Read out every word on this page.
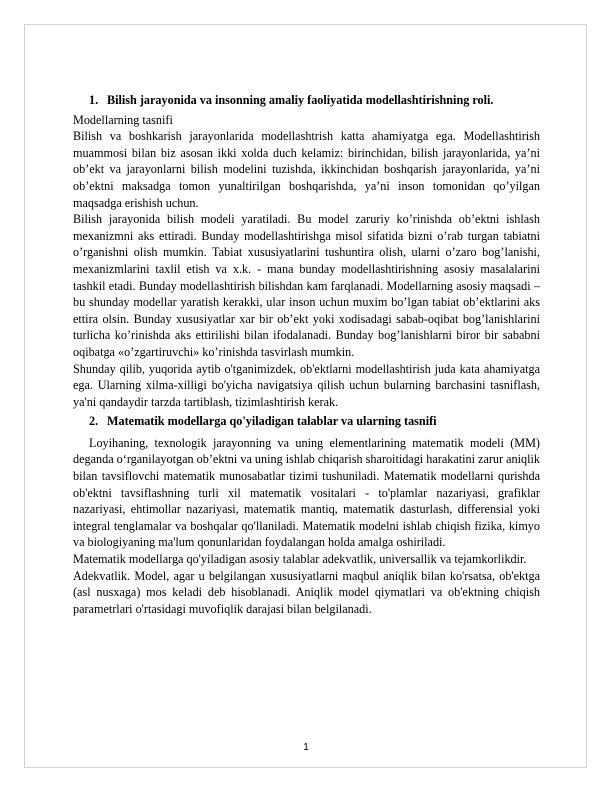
1. Bilish jarayonida va insonning amaliy faoliyatida modellashtirishning roli.

Modellarning tasnifi

Bilish va boshkarish jarayonlarida modellashtrish katta ahamiyatga ega. Modellashtirish muammosi bilan biz asosan ikki xolda duch kelamiz: birinchidan, bilish jarayonlarida, ya’ni ob’ekt va jarayonlarni bilish modelini tuzishda, ikkinchidan boshqarish jarayonlarida, ya’ni ob’ektni maksadga tomon yunaltirilgan boshqarishda, ya’ni inson tomonidan qo’yilgan maqsadga erishish uchun.

Bilish jarayonida bilish modeli yaratiladi. Bu model zaruriy ko’rinishda ob’ektni ishlash mexanizmni aks ettiradi. Bunday modellashtirishga misol sifatida bizni o’rab turgan tabiatni o’rganishni olish mumkin. Tabiat xususiyatlarini tushuntira olish, ularni o’zaro bog’lanishi, mexanizmlarini taxlil etish va x.k. - mana bunday modellashtirishning asosiy masalalarini tashkil etadi. Bunday modellashtirish bilishdan kam farqlanadi. Modellarning asosiy maqsadi – bu shunday modellar yaratish kerakki, ular inson uchun muxim bo’lgan tabiat ob’ektlarini aks ettira olsin. Bunday xususiyatlar xar bir ob’ekt yoki xodisadagi sabab-oqibat bog’lanishlarini turlicha ko’rinishda aks ettirilishi bilan ifodalanadi. Bunday bog’lanishlarni biror bir sababni oqibatga «o’zgartiruvchi» ko’rinishda tasvirlash mumkin.

Shunday qilib, yuqorida aytib o'tganimizdek, ob'ektlarni modellashtirish juda kata ahamiyatga ega. Ularning xilma-xilligi bo'yicha navigatsiya qilish uchun bularning barchasini tasniflash, ya'ni qandaydir tarzda tartiblash, tizimlashtirish kerak.

2. Matematik modellarga qo'yiladigan talablar va ularning tasnifi

Loyihaning, texnologik jarayonning va uning elementlarining matematik modeli (MM) deganda o‘rganilayotgan ob’ektni va uning ishlab chiqarish sharoitidagi harakatini zarur aniqlik bilan tavsiflovchi matematik munosabatlar tizimi tushuniladi. Matematik modellarni qurishda ob'ektni tavsiflashning turli xil matematik vositalari - to'plamlar nazariyasi, grafiklar nazariyasi, ehtimollar nazariyasi, matematik mantiq, matematik dasturlash, differensial yoki integral tenglamalar va boshqalar qo'llaniladi. Matematik modelni ishlab chiqish fizika, kimyo va biologiyaning ma'lum qonunlaridan foydalangan holda amalga oshiriladi.

Matematik modellarga qo'yiladigan asosiy talablar adekvatlik, universallik va tejamkorlikdir.

Adekvatlik. Model, agar u belgilangan xususiyatlarni maqbul aniqlik bilan ko'rsatsa, ob'ektga (asl nusxaga) mos keladi deb hisoblanadi. Aniqlik model qiymatlari va ob'ektning chiqish parametrlari o'rtasidagi muvofiqlik darajasi bilan belgilanadi.

1
